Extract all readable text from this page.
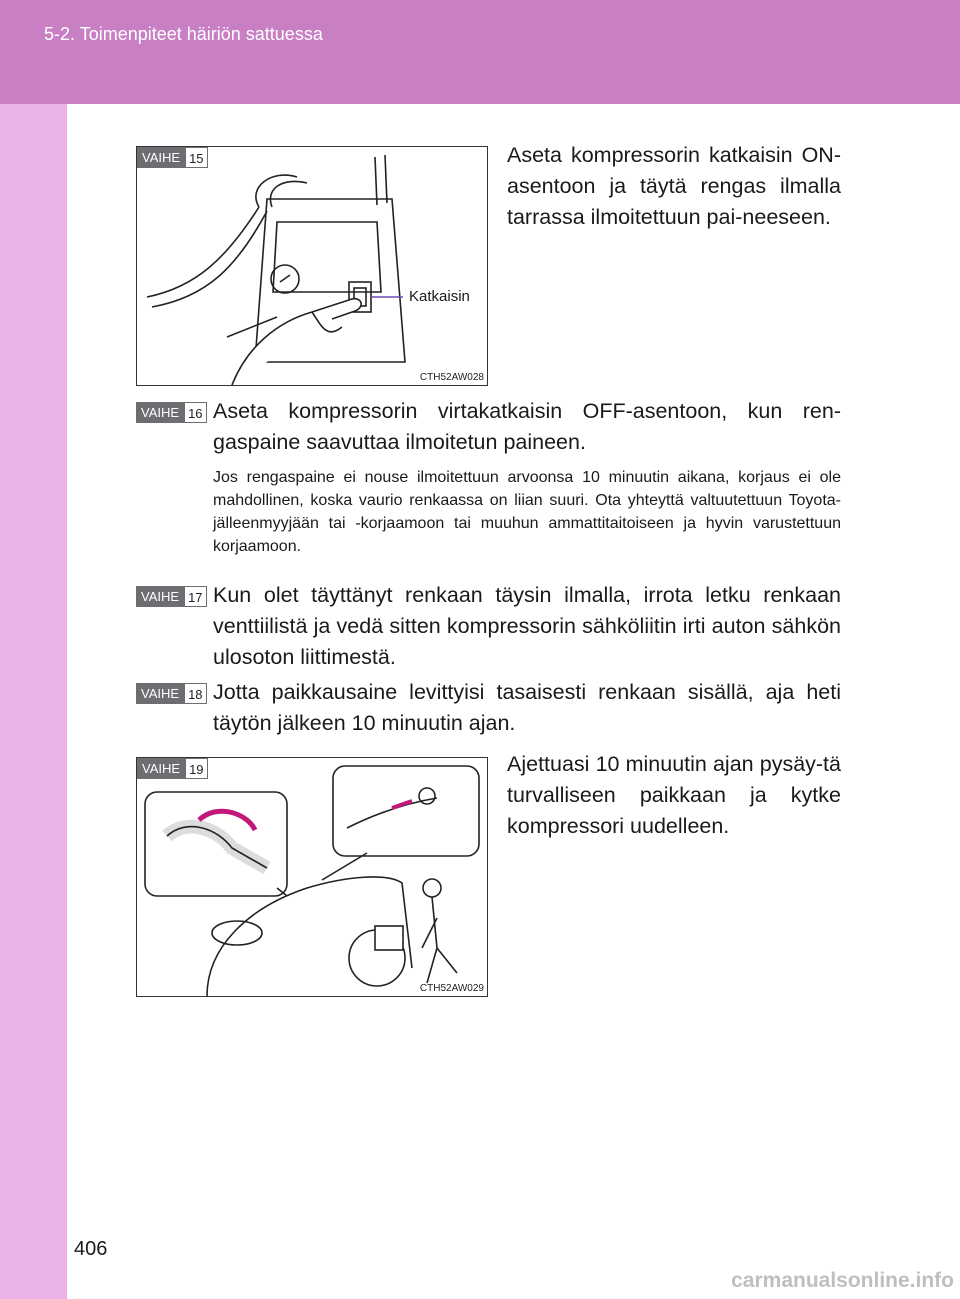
5-2. Toimenpiteet häiriön sattuessa
VAIHE 15
Katkaisin
CTH52AW028
Aseta kompressorin katkaisin ON-asentoon ja täytä rengas ilmalla tarrassa ilmoitettuun pai-neeseen.
VAIHE 16 Aseta kompressorin virtakatkaisin OFF-asentoon, kun ren-gaspaine saavuttaa ilmoitetun paineen.
Jos rengaspaine ei nouse ilmoitettuun arvoonsa 10 minuutin aikana, korjaus ei ole mahdollinen, koska vaurio renkaassa on liian suuri. Ota yhteyttä valtuutettuun Toyota-jälleenmyyjään tai -korjaamoon tai muuhun ammattitaitoiseen ja hyvin varustettuun korjaamoon.
VAIHE 17 Kun olet täyttänyt renkaan täysin ilmalla, irrota letku renkaan venttiilistä ja vedä sitten kompressorin sähköliitin irti auton sähkön ulosoton liittimestä.
VAIHE 18 Jotta paikkausaine levittyisi tasaisesti renkaan sisällä, aja heti täytön jälkeen 10 minuutin ajan.
VAIHE 19
CTH52AW029
Ajettuasi 10 minuutin ajan pysäy-tä turvalliseen paikkaan ja kytke kompressori uudelleen.
406
carmanualsonline.info
